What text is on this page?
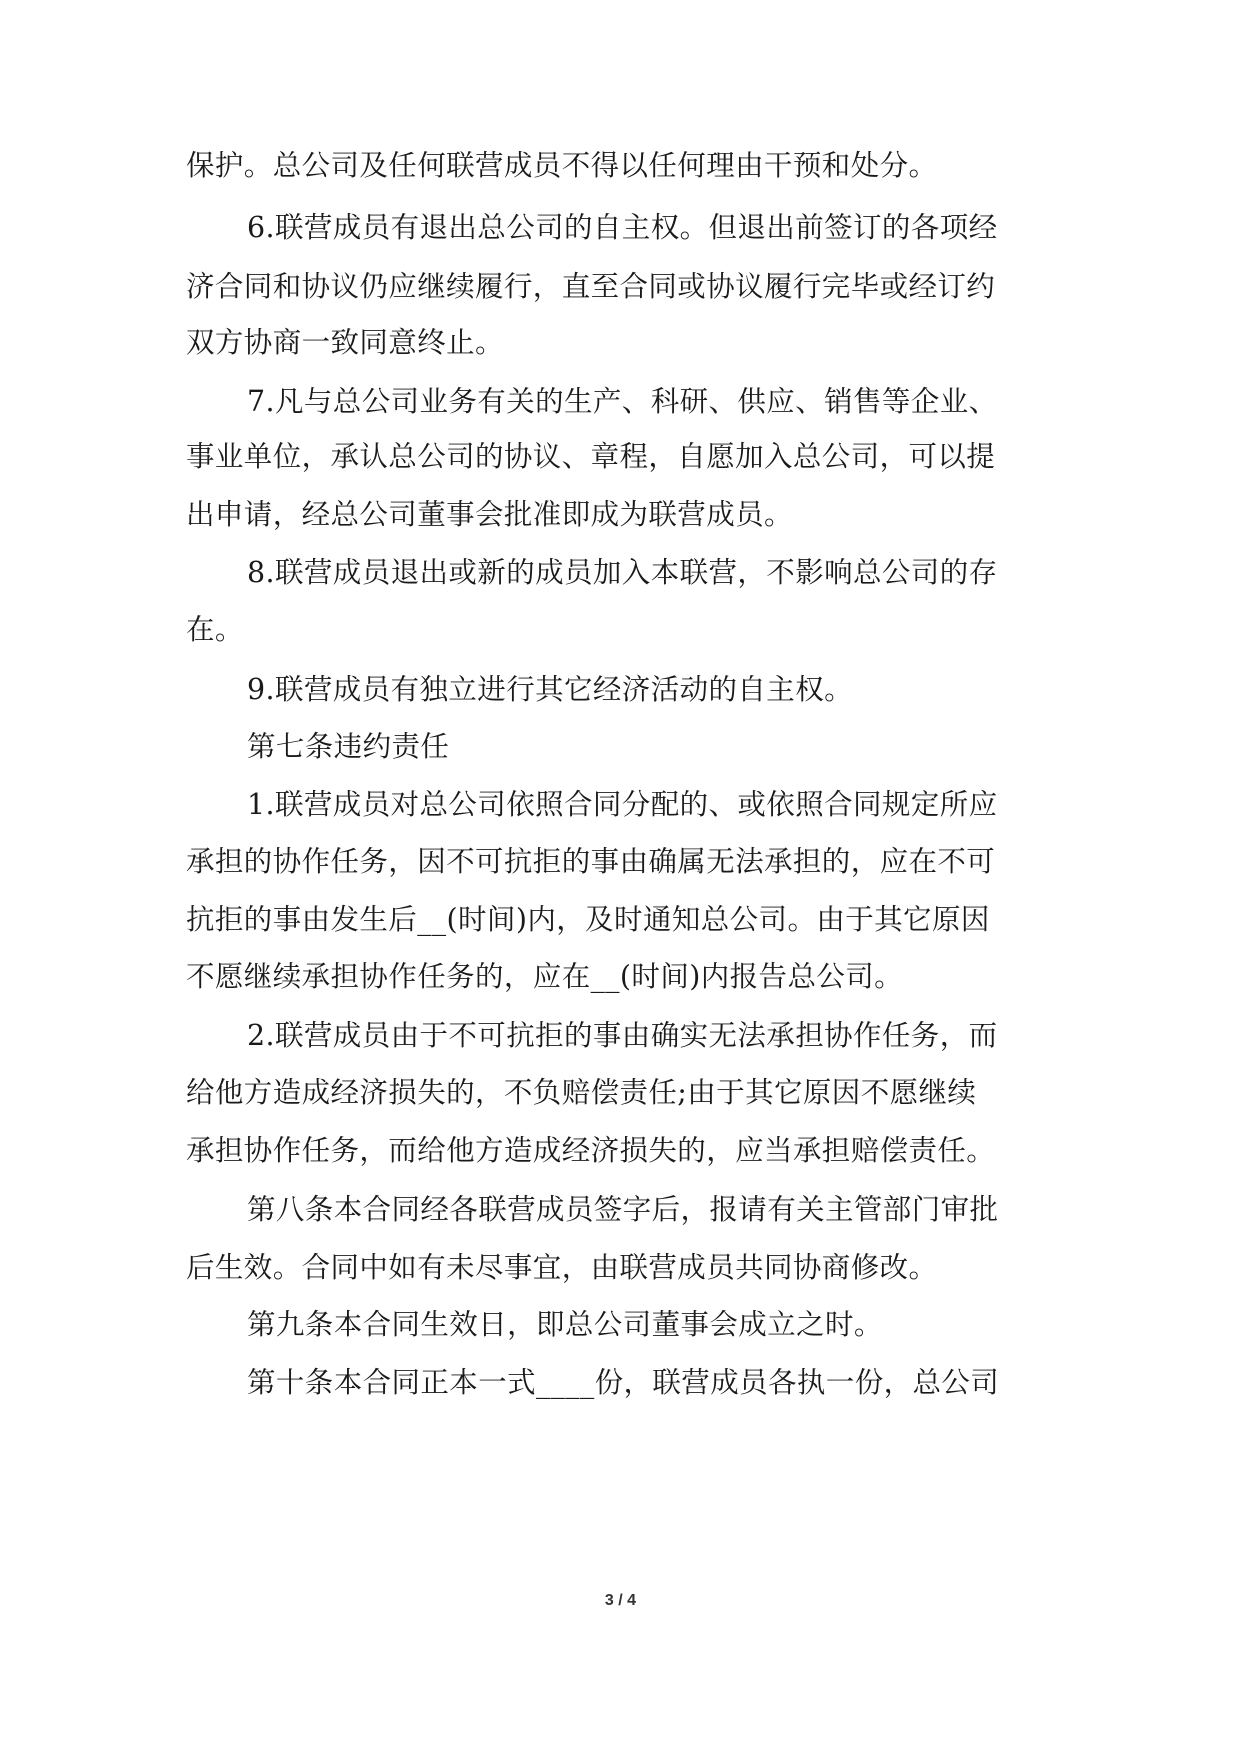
保护。总公司及任何联营成员不得以任何理由干预和处分。
6.联营成员有退出总公司的自主权。但退出前签订的各项经
济合同和协议仍应继续履行，直至合同或协议履行完毕或经订约
双方协商一致同意终止。
7.凡与总公司业务有关的生产、科研、供应、销售等企业、
事业单位，承认总公司的协议、章程，自愿加入总公司，可以提
出申请，经总公司董事会批准即成为联营成员。
8.联营成员退出或新的成员加入本联营，不影响总公司的存
在。
9.联营成员有独立进行其它经济活动的自主权。
第七条违约责任
1.联营成员对总公司依照合同分配的、或依照合同规定所应
承担的协作任务，因不可抗拒的事由确属无法承担的，应在不可
抗拒的事由发生后__(时间)内，及时通知总公司。由于其它原因
不愿继续承担协作任务的，应在__(时间)内报告总公司。
2.联营成员由于不可抗拒的事由确实无法承担协作任务，而
给他方造成经济损失的，不负赔偿责任;由于其它原因不愿继续
承担协作任务，而给他方造成经济损失的，应当承担赔偿责任。
第八条本合同经各联营成员签字后，报请有关主管部门审批
后生效。合同中如有未尽事宜，由联营成员共同协商修改。
第九条本合同生效日，即总公司董事会成立之时。
第十条本合同正本一式____份，联营成员各执一份，总公司
3 / 4
